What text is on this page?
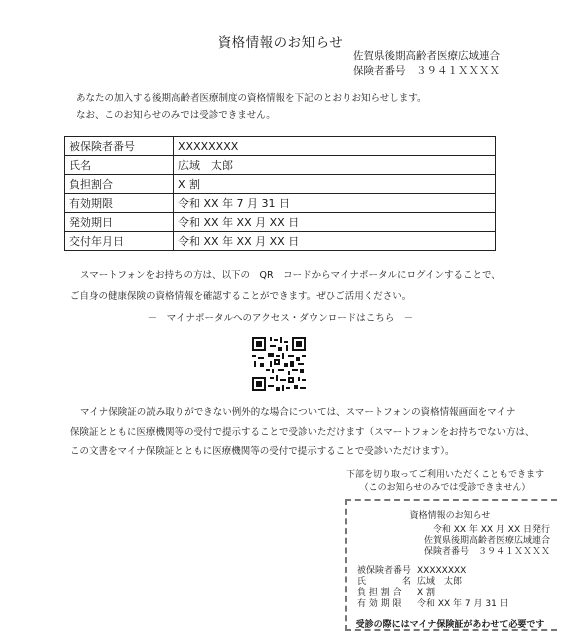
資格情報のお知らせ
佐賀県後期高齢者医療広域連合
保険者番号　３９４１ＸＸＸＸ
あなたの加入する後期高齢者医療制度の資格情報を下記のとおりお知らせします。
なお、このお知らせのみでは受診できません。
被保険者番号	XXXXXXXX
氏名	広域　太郎
負担割合	X 割
有効期限	令和 XX 年 7 月 31 日
発効期日	令和 XX 年 XX 月 XX 日
交付年月日	令和 XX 年 XX 月 XX 日
スマートフォンをお持ちの方は、以下の　QR　コードからマイナポータルにログインすることで、
ご自身の健康保険の資格情報を確認することができます。ぜひご活用ください。
－　マイナポータルへのアクセス・ダウンロードはこちら　－
マイナ保険証の読み取りができない例外的な場合については、スマートフォンの資格情報画面をマイナ
保険証とともに医療機関等の受付で提示することで受診いただけます（スマートフォンをお持ちでない方は、
この文書をマイナ保険証とともに医療機関等の受付で提示することで受診いただけます）。
下部を切り取ってご利用いただくこともできます
（このお知らせのみでは受診できません）
資格情報のお知らせ
令和 XX 年 XX 月 XX 日発行
佐賀県後期高齢者医療広域連合
保険者番号　３９４１ＸＸＸＸ
被保険者番号 XXXXXXXX
氏　　　　名 広域　太郎
負 担 割 合 X 割
有 効 期 限 令和 XX 年 7 月 31 日
受診の際にはマイナ保険証があわせて必要です
